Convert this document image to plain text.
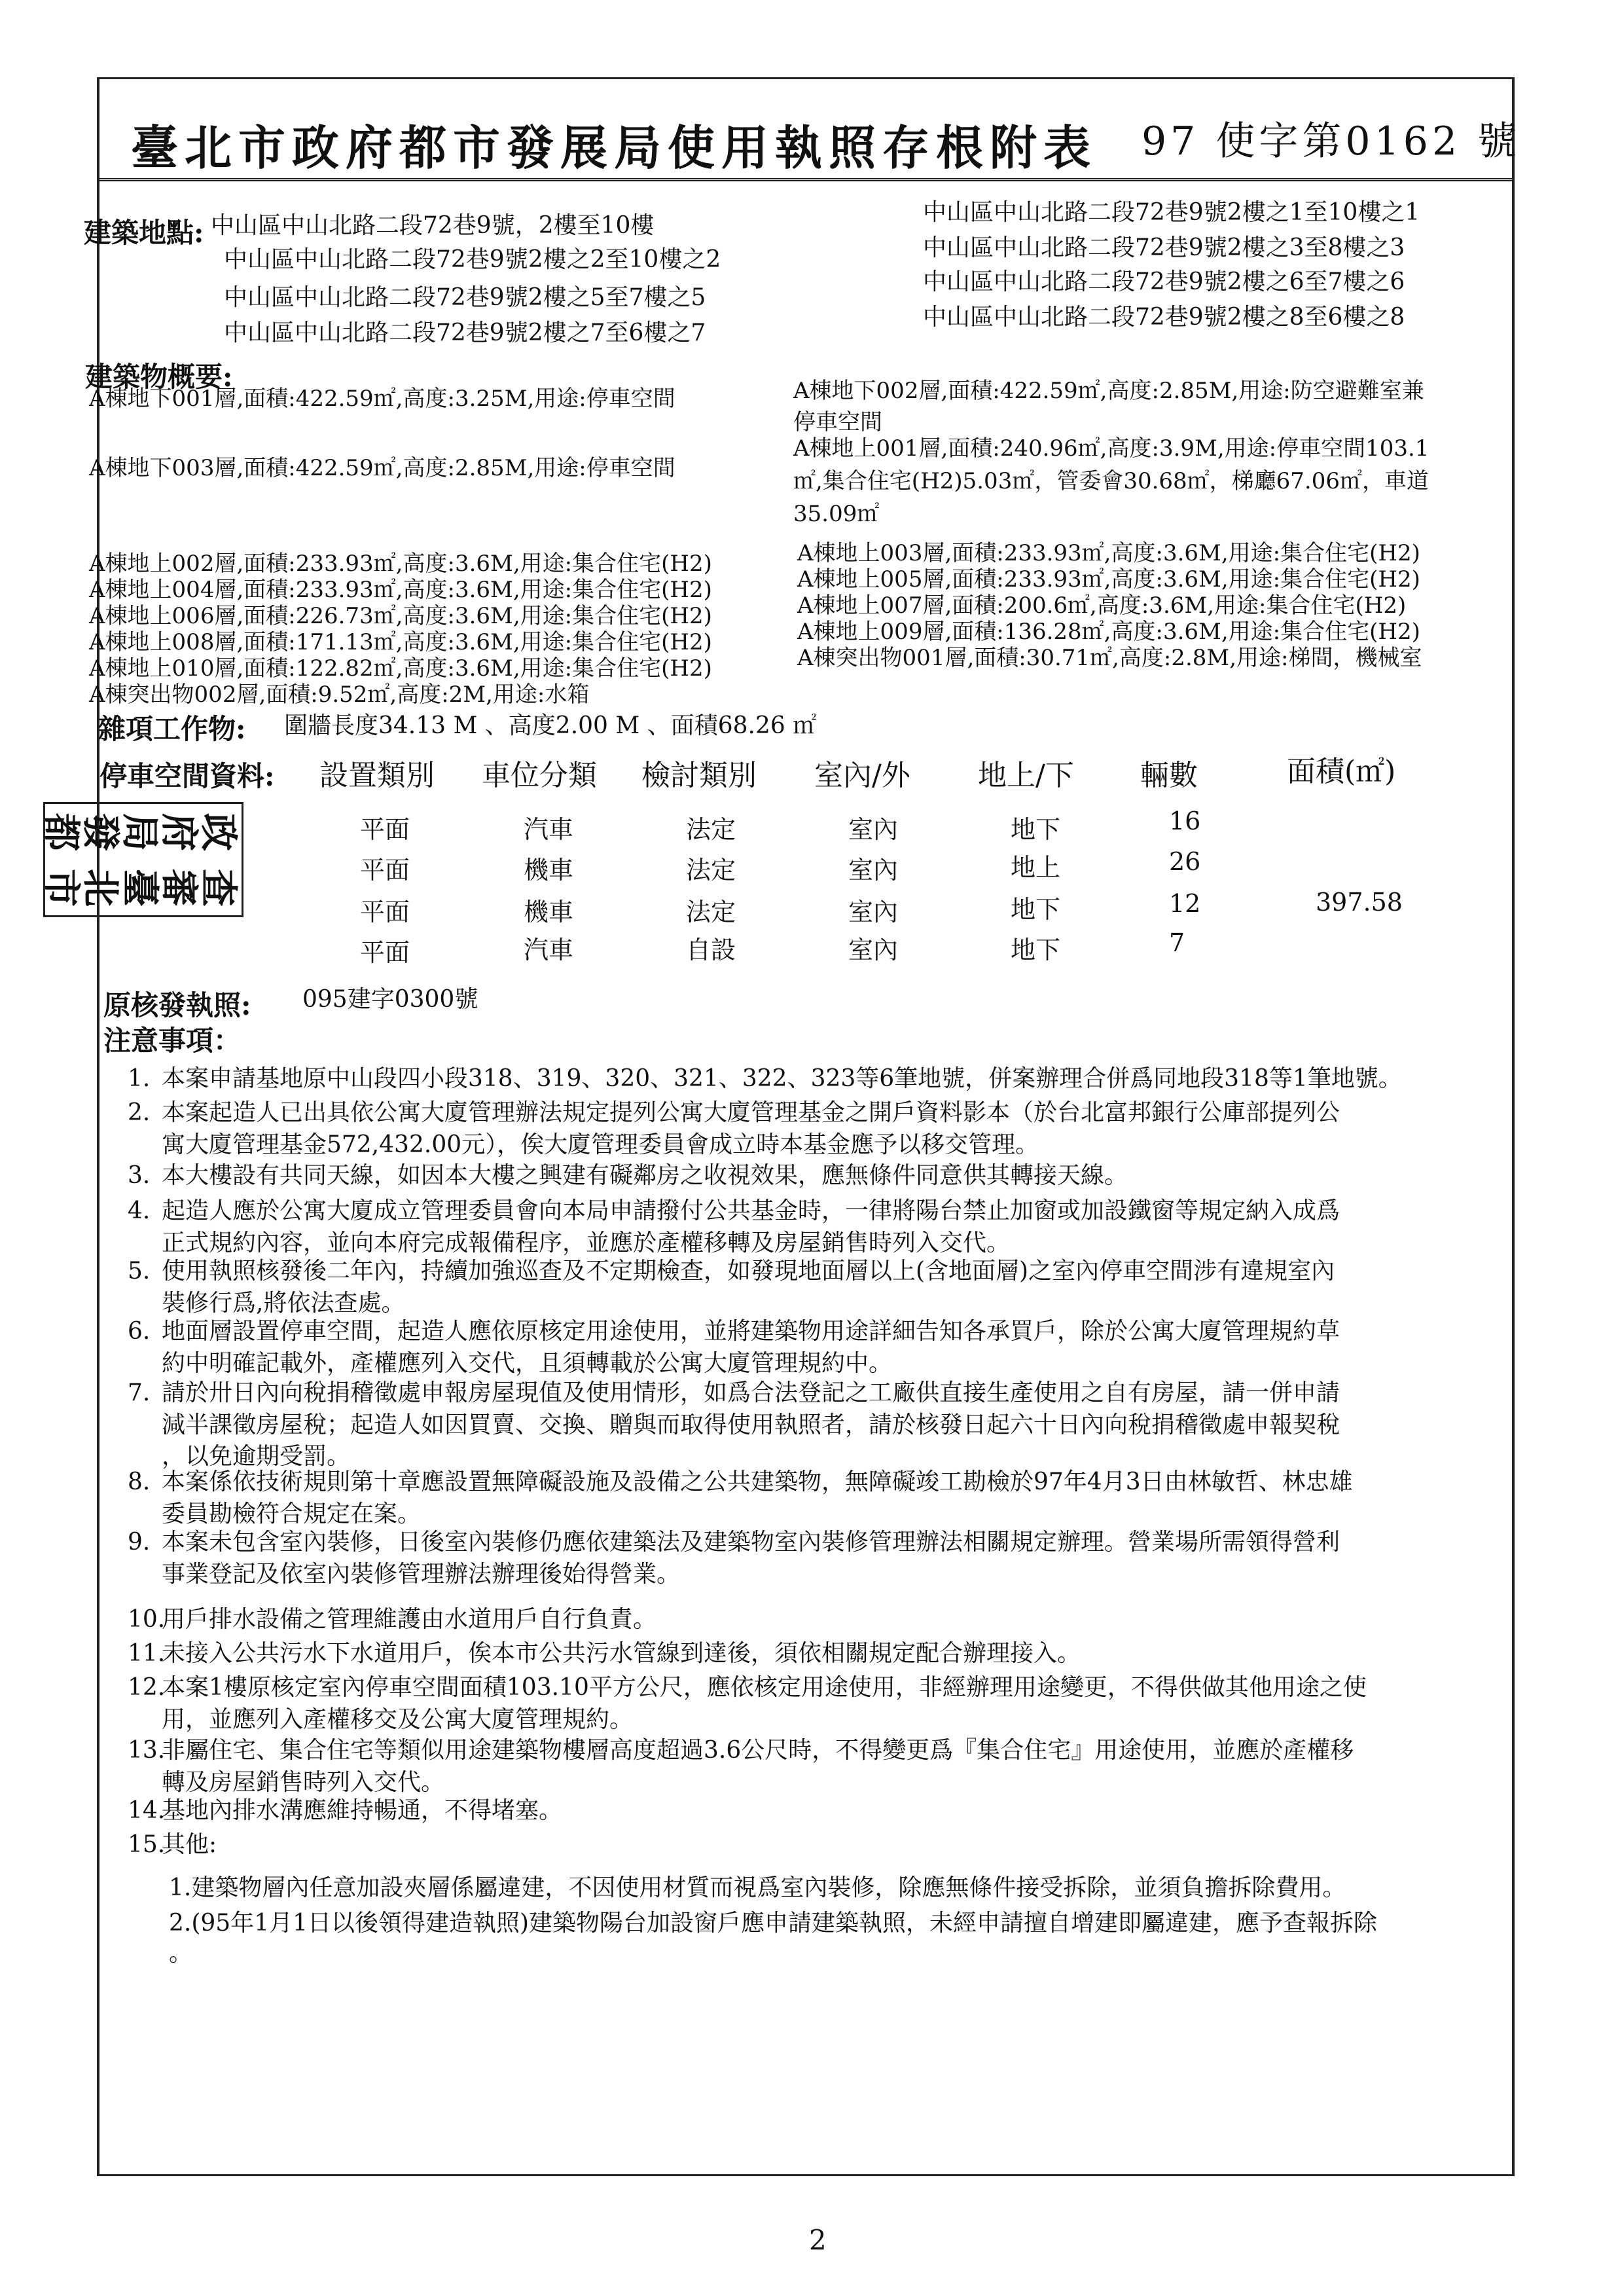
臺北市政府都市發展局使用執照存根附表 97 使字第0162 號
建築地點: 中山區中山北路二段72巷9號，2樓至10樓
中山區中山北路二段72巷9號2樓之2至10樓之2
中山區中山北路二段72巷9號2樓之5至7樓之5
中山區中山北路二段72巷9號2樓之7至6樓之7
中山區中山北路二段72巷9號2樓之1至10樓之1
中山區中山北路二段72巷9號2樓之3至8樓之3
中山區中山北路二段72巷9號2樓之6至7樓之6
中山區中山北路二段72巷9號2樓之8至6樓之8
建築物概要:
A棟地下001層,面積:422.59㎡,高度:3.25M,用途:停車空間	A棟地下002層,面積:422.59㎡,高度:2.85M,用途:防空避難室兼
停車空間
A棟地下003層,面積:422.59㎡,高度:2.85M,用途:停車空間
A棟地上001層,面積:240.96㎡,高度:3.9M,用途:停車空間103.1
㎡,集合住宅(H2)5.03㎡，管委會30.68㎡，梯廳67.06㎡，車道
35.09㎡
A棟地上002層,面積:233.93㎡,高度:3.6M,用途:集合住宅(H2)
A棟地上004層,面積:233.93㎡,高度:3.6M,用途:集合住宅(H2)
A棟地上006層,面積:226.73㎡,高度:3.6M,用途:集合住宅(H2)
A棟地上008層,面積:171.13㎡,高度:3.6M,用途:集合住宅(H2)
A棟地上010層,面積:122.82㎡,高度:3.6M,用途:集合住宅(H2)
A棟突出物002層,面積:9.52㎡,高度:2M,用途:水箱
A棟地上003層,面積:233.93㎡,高度:3.6M,用途:集合住宅(H2)
A棟地上005層,面積:233.93㎡,高度:3.6M,用途:集合住宅(H2)
A棟地上007層,面積:200.6㎡,高度:3.6M,用途:集合住宅(H2)
A棟地上009層,面積:136.28㎡,高度:3.6M,用途:集合住宅(H2)
A棟突出物001層,面積:30.71㎡,高度:2.8M,用途:梯間，機械室
雜項工作物: 圍牆長度34.13 M 、高度2.00 M 、面積68.26 ㎡
停車空間資料: 設置類別 車位分類 檢討類別 室內/外 地上/下 輛數	面積(㎡)
平面	汽車	法定	室內	地下	16
平面	機車	法定	室內	地上	26
平面	機車	法定	室內	地下	12	397.58
平面	汽車	自設	室內	地下	7
都
發
局
府
政
市
北
臺
審
查
原核發執照: 095建字0300號
注意事項：
1. 本案申請基地原中山段四小段318、319、320、321、322、323等6筆地號，併案辦理合併爲同地段318等1筆地號。
2. 本案起造人已出具依公寓大廈管理辦法規定提列公寓大廈管理基金之開戶資料影本（於台北富邦銀行公庫部提列公
寓大廈管理基金572,432.00元），俟大廈管理委員會成立時本基金應予以移交管理。
3. 本大樓設有共同天線，如因本大樓之興建有礙鄰房之收視效果，應無條件同意供其轉接天線。
4. 起造人應於公寓大廈成立管理委員會向本局申請撥付公共基金時，一律將陽台禁止加窗或加設鐵窗等規定納入成爲
正式規約內容，並向本府完成報備程序，並應於產權移轉及房屋銷售時列入交代。
5. 使用執照核發後二年內，持續加強巡查及不定期檢查，如發現地面層以上(含地面層)之室內停車空間涉有違規室內
裝修行爲,將依法查處。
6. 地面層設置停車空間，起造人應依原核定用途使用，並將建築物用途詳細告知各承買戶，除於公寓大廈管理規約草
約中明確記載外，產權應列入交代，且須轉載於公寓大廈管理規約中。
7. 請於卅日內向稅捐稽徵處申報房屋現值及使用情形，如爲合法登記之工廠供直接生產使用之自有房屋，請一併申請
減半課徵房屋稅；起造人如因買賣、交換、贈與而取得使用執照者，請於核發日起六十日內向稅捐稽徵處申報契稅
，以免逾期受罰。
8. 本案係依技術規則第十章應設置無障礙設施及設備之公共建築物，無障礙竣工勘檢於97年4月3日由林敏哲、林忠雄
委員勘檢符合規定在案。
9. 本案未包含室內裝修，日後室內裝修仍應依建築法及建築物室內裝修管理辦法相關規定辦理。營業場所需領得營利
事業登記及依室內裝修管理辦法辦理後始得營業。
10.
用戶排水設備之管理維護由水道用戶自行負責。
11.
未接入公共污水下水道用戶，俟本市公共污水管線到達後，須依相關規定配合辦理接入。
12.
本案1樓原核定室內停車空間面積103.10平方公尺，應依核定用途使用，非經辦理用途變更，不得供做其他用途之使
用，並應列入產權移交及公寓大廈管理規約。
13.
非屬住宅、集合住宅等類似用途建築物樓層高度超過3.6公尺時，不得變更爲『集合住宅』用途使用，並應於產權移
轉及房屋銷售時列入交代。
14.
基地內排水溝應維持暢通，不得堵塞。
15.
其他:
1.建築物層內任意加設夾層係屬違建，不因使用材質而視爲室內裝修，除應無條件接受拆除，並須負擔拆除費用。
2.(95年1月1日以後領得建造執照)建築物陽台加設窗戶應申請建築執照，未經申請擅自增建即屬違建，應予查報拆除
。
2
